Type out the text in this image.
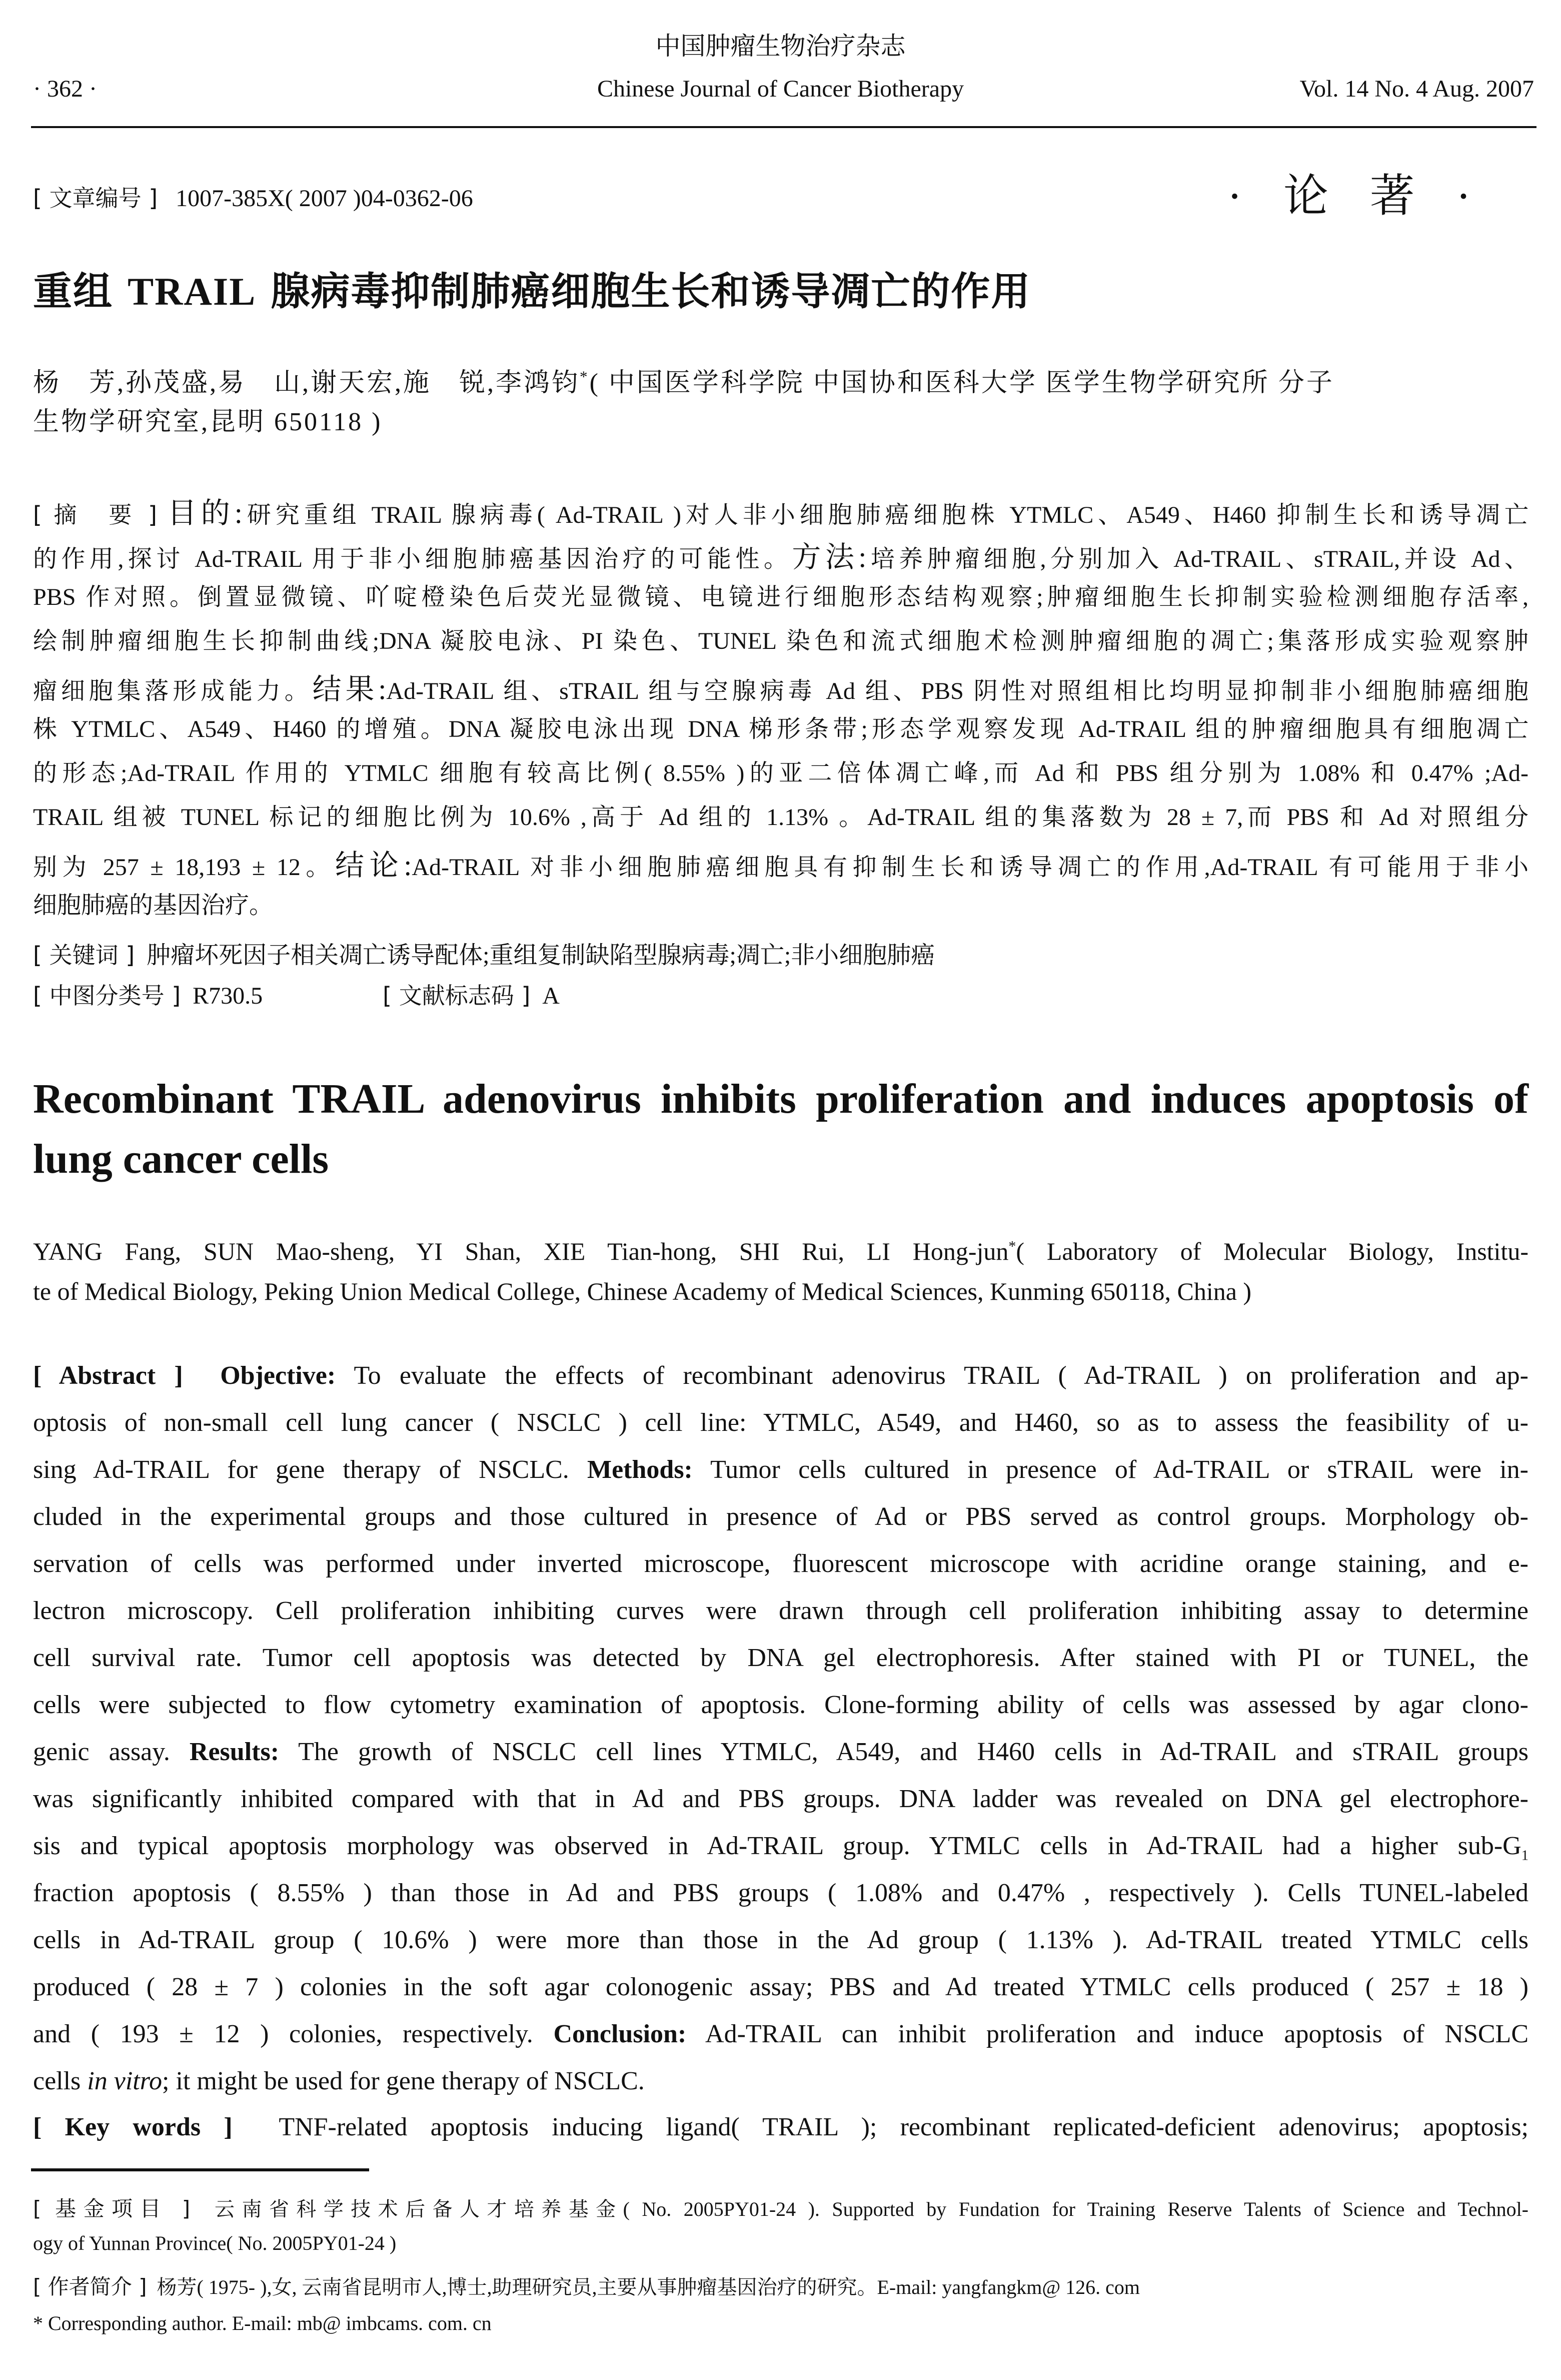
中国肿瘤生物治疗杂志
· 362 ·	Chinese Journal of Cancer Biotherapy	Vol. 14 No. 4 Aug. 2007
[ 文章编号 ] 1007-385X( 2007 )04-0362-06	· 论 著 ·
重组 TRAIL 腺病毒抑制肺癌细胞生长和诱导凋亡的作用
杨　芳,孙茂盛,易　山,谢天宏,施　锐,李鸿钧*( 中国医学科学院 中国协和医科大学 医学生物学研究所 分子
生物学研究室,昆明 650118 )
[ 摘　要 ] 目的:研究重组 TRAIL 腺病毒( Ad-TRAIL )对人非小细胞肺癌细胞株 YTMLC、A549、H460 抑制生长和诱导凋亡
的作用,探讨 Ad-TRAIL 用于非小细胞肺癌基因治疗的可能性。方法:培养肿瘤细胞,分别加入 Ad-TRAIL、sTRAIL,并设 Ad、
PBS 作对照。倒置显微镜、吖啶橙染色后荧光显微镜、电镜进行细胞形态结构观察;肿瘤细胞生长抑制实验检测细胞存活率,
绘制肿瘤细胞生长抑制曲线;DNA 凝胶电泳、PI 染色、TUNEL 染色和流式细胞术检测肿瘤细胞的凋亡;集落形成实验观察肿
瘤细胞集落形成能力。结果:Ad-TRAIL 组、sTRAIL 组与空腺病毒 Ad 组、PBS 阴性对照组相比均明显抑制非小细胞肺癌细胞
株 YTMLC、A549、H460 的增殖。DNA 凝胶电泳出现 DNA 梯形条带;形态学观察发现 Ad-TRAIL 组的肿瘤细胞具有细胞凋亡
的形态;Ad-TRAIL 作用的 YTMLC 细胞有较高比例( 8.55% )的亚二倍体凋亡峰,而 Ad 和 PBS 组分别为 1.08% 和 0.47% ;Ad-
TRAIL 组被 TUNEL 标记的细胞比例为 10.6% ,高于 Ad 组的 1.13% 。Ad-TRAIL 组的集落数为 28 ± 7,而 PBS 和 Ad 对照组分
别为 257 ± 18,193 ± 12。结论:Ad-TRAIL 对非小细胞肺癌细胞具有抑制生长和诱导凋亡的作用,Ad-TRAIL 有可能用于非小
细胞肺癌的基因治疗。
[ 关键词 ] 肿瘤坏死因子相关凋亡诱导配体;重组复制缺陷型腺病毒;凋亡;非小细胞肺癌
[ 中图分类号 ] R730.5	[ 文献标志码 ] A
Recombinant TRAIL adenovirus inhibits proliferation and induces apoptosis of
lung cancer cells
YANG Fang, SUN Mao-sheng, YI Shan, XIE Tian-hong, SHI Rui, LI Hong-jun*( Laboratory of Molecular Biology, Institu-
te of Medical Biology, Peking Union Medical College, Chinese Academy of Medical Sciences, Kunming 650118, China )
[ Abstract ] Objective: To evaluate the effects of recombinant adenovirus TRAIL ( Ad-TRAIL ) on proliferation and ap-
optosis of non-small cell lung cancer ( NSCLC ) cell line: YTMLC, A549, and H460, so as to assess the feasibility of u-
sing Ad-TRAIL for gene therapy of NSCLC. Methods: Tumor cells cultured in presence of Ad-TRAIL or sTRAIL were in-
cluded in the experimental groups and those cultured in presence of Ad or PBS served as control groups. Morphology ob-
servation of cells was performed under inverted microscope, fluorescent microscope with acridine orange staining, and e-
lectron microscopy. Cell proliferation inhibiting curves were drawn through cell proliferation inhibiting assay to determine
cell survival rate. Tumor cell apoptosis was detected by DNA gel electrophoresis. After stained with PI or TUNEL, the
cells were subjected to flow cytometry examination of apoptosis. Clone-forming ability of cells was assessed by agar clono-
genic assay. Results: The growth of NSCLC cell lines YTMLC, A549, and H460 cells in Ad-TRAIL and sTRAIL groups
was significantly inhibited compared with that in Ad and PBS groups. DNA ladder was revealed on DNA gel electrophore-
sis and typical apoptosis morphology was observed in Ad-TRAIL group. YTMLC cells in Ad-TRAIL had a higher sub-$G_1$
fraction apoptosis ( 8.55% ) than those in Ad and PBS groups ( 1.08% and 0.47% , respectively ). Cells TUNEL-labeled
cells in Ad-TRAIL group ( 10.6% ) were more than those in the Ad group ( 1.13% ). Ad-TRAIL treated YTMLC cells
produced ( 28 ± 7 ) colonies in the soft agar colonogenic assay; PBS and Ad treated YTMLC cells produced ( 257 ± 18 )
and ( 193 ± 12 ) colonies, respectively. Conclusion: Ad-TRAIL can inhibit proliferation and induce apoptosis of NSCLC
cells in vitro; it might be used for gene therapy of NSCLC.
[ Key words ] TNF-related apoptosis inducing ligand( TRAIL ); recombinant replicated-deficient adenovirus; apoptosis;
[ 基金项目 ] 云南省科学技术后备人才培养基金( No. 2005PY01-24 ). Supported by Fundation for Training Reserve Talents of Science and Technol-
ogy of Yunnan Province( No. 2005PY01-24 )
[ 作者简介 ] 杨芳( 1975- ),女, 云南省昆明市人,博士,助理研究员,主要从事肿瘤基因治疗的研究。E-mail: yangfangkm@ 126. com
* Corresponding author. E-mail: mb@ imbcams. com. cn
